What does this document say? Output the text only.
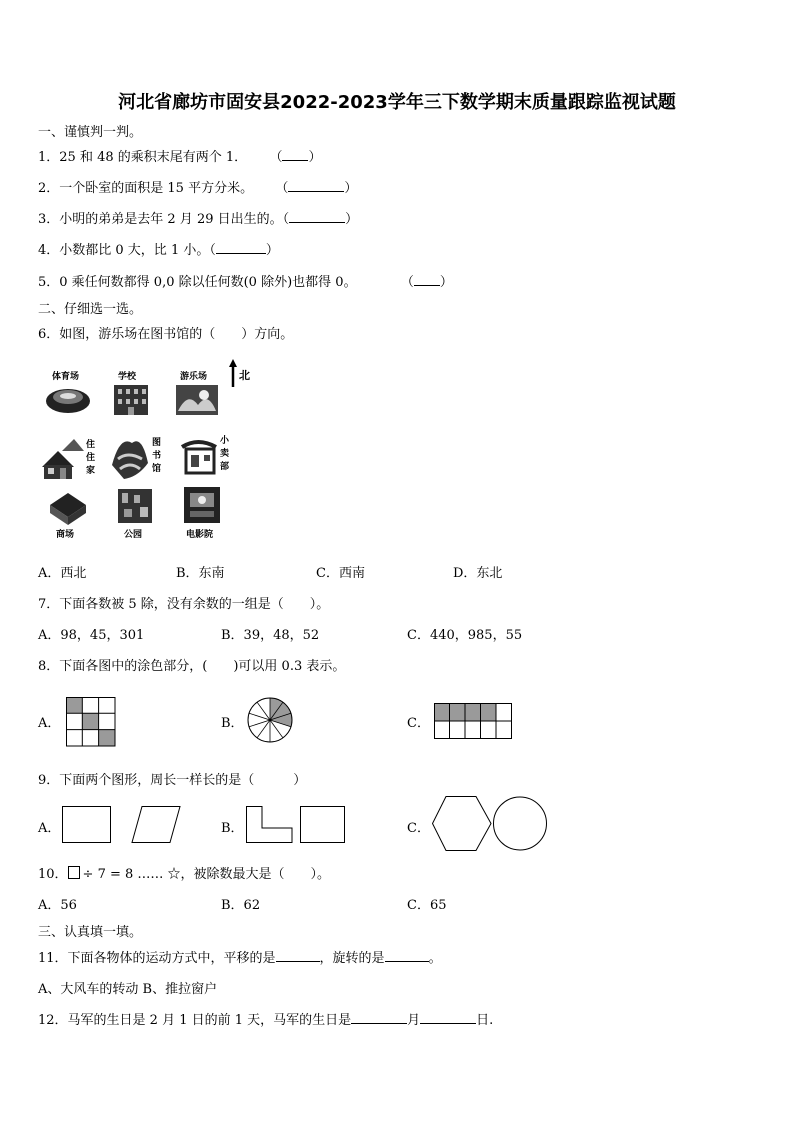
河北省廊坊市固安县2022-2023学年三下数学期末质量跟踪监视试题
一、谨慎判一判。
1．25 和 48 的乘积末尾有两个 1． （ ）
2．一个卧室的面积是 15 平方分米。 （	）
3．小明的弟弟是去年 2 月 29 日出生的。（	）
4．小数都比 0 大，比 1 小。（	）
5．0 乘任何数都得 0,0 除以任何数(0 除外)也都得 0。	（ ）
二、仔细选一选。
6．如图，游乐场在图书馆的（　　）方向。
体育场	学校	游乐场	北
住
住
家
图
书
馆
小
卖
部
商场	公园	电影院
A．西北	B．东南	C．西南	D．东北
7．下面各数被 5 除，没有余数的一组是（　　）。
A．98，45，301	B．39，48，52	C．440，985，55
8．下面各图中的涂色部分，(　　)可以用 0.3 表示。
A．	B．	C．
9．下面两个图形，周长一样长的是（　　　）
A．	B．	C．
10． ÷ 7 = 8 …… ☆，被除数最大是（　　）。
A．56	B．62	C．65
三、认真填一填。
11．下面各物体的运动方式中，平移的是	，旋转的是	。
A、大风车的转动 B、推拉窗户
12．马军的生日是 2 月 1 日的前 1 天，马军的生日是	月	日.
